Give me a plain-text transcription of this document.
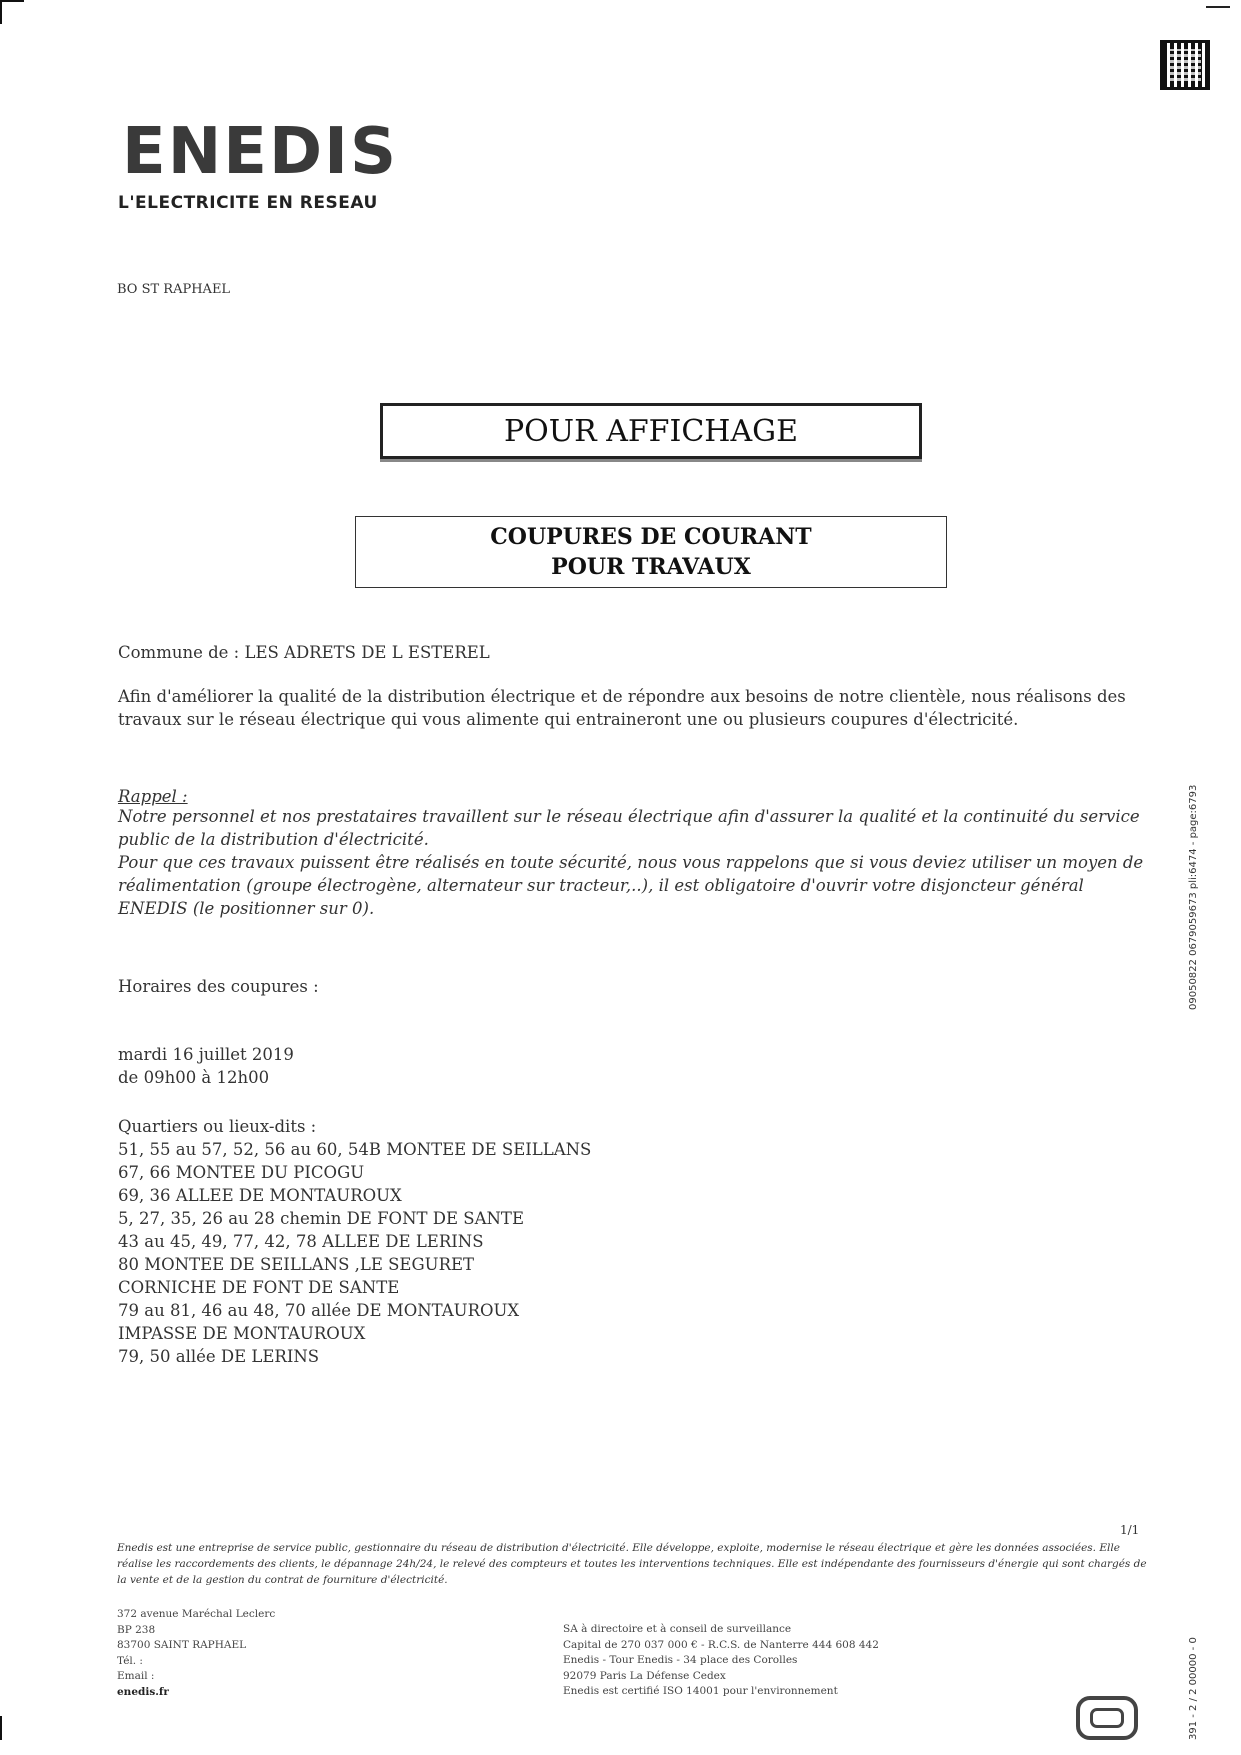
ENEDIS
L'ELECTRICITE EN RESEAU
BO ST RAPHAEL
POUR AFFICHAGE
COUPURES DE COURANT
POUR TRAVAUX
Commune de : LES ADRETS DE L ESTEREL
Afin d'améliorer la qualité de la distribution électrique et de répondre aux besoins de notre clientèle, nous réalisons des travaux sur le réseau électrique qui vous alimente qui entraineront une ou plusieurs coupures d'électricité.
Rappel :
Notre personnel et nos prestataires travaillent sur le réseau électrique afin d'assurer la qualité et la continuité du service public de la distribution d'électricité.
Pour que ces travaux puissent être réalisés en toute sécurité, nous vous rappelons que si vous deviez utiliser un moyen de réalimentation (groupe électrogène, alternateur sur tracteur,..), il est obligatoire d'ouvrir votre disjoncteur général ENEDIS (le positionner sur 0).
Horaires des coupures :
mardi 16 juillet 2019
de 09h00 à 12h00
Quartiers ou lieux-dits :
51, 55 au 57, 52, 56 au 60, 54B MONTEE DE SEILLANS
67, 66 MONTEE DU PICOGU
69, 36 ALLEE DE MONTAUROUX
5, 27, 35, 26 au 28 chemin DE FONT DE SANTE
43 au 45, 49, 77, 42, 78 ALLEE DE LERINS
80 MONTEE DE SEILLANS ,LE SEGURET
CORNICHE DE FONT DE SANTE
79 au 81, 46 au 48, 70 allée DE MONTAUROUX
IMPASSE DE MONTAUROUX
79, 50 allée DE LERINS
09050822 0679059673 pli:6474 - page:6793
391 - 2 / 2 00000 - 0
1/1
Enedis est une entreprise de service public, gestionnaire du réseau de distribution d'électricité. Elle développe, exploite, modernise le réseau électrique et gère les données associées. Elle réalise les raccordements des clients, le dépannage 24h/24, le relevé des compteurs et toutes les interventions techniques. Elle est indépendante des fournisseurs d'énergie qui sont chargés de la vente et de la gestion du contrat de fourniture d'électricité.
372 avenue Maréchal Leclerc
BP 238
83700 SAINT RAPHAEL
Tél. :
Email :
enedis.fr
SA à directoire et à conseil de surveillance
Capital de 270 037 000 € - R.C.S. de Nanterre 444 608 442
Enedis - Tour Enedis - 34 place des Corolles
92079 Paris La Défense Cedex
Enedis est certifié ISO 14001 pour l'environnement
